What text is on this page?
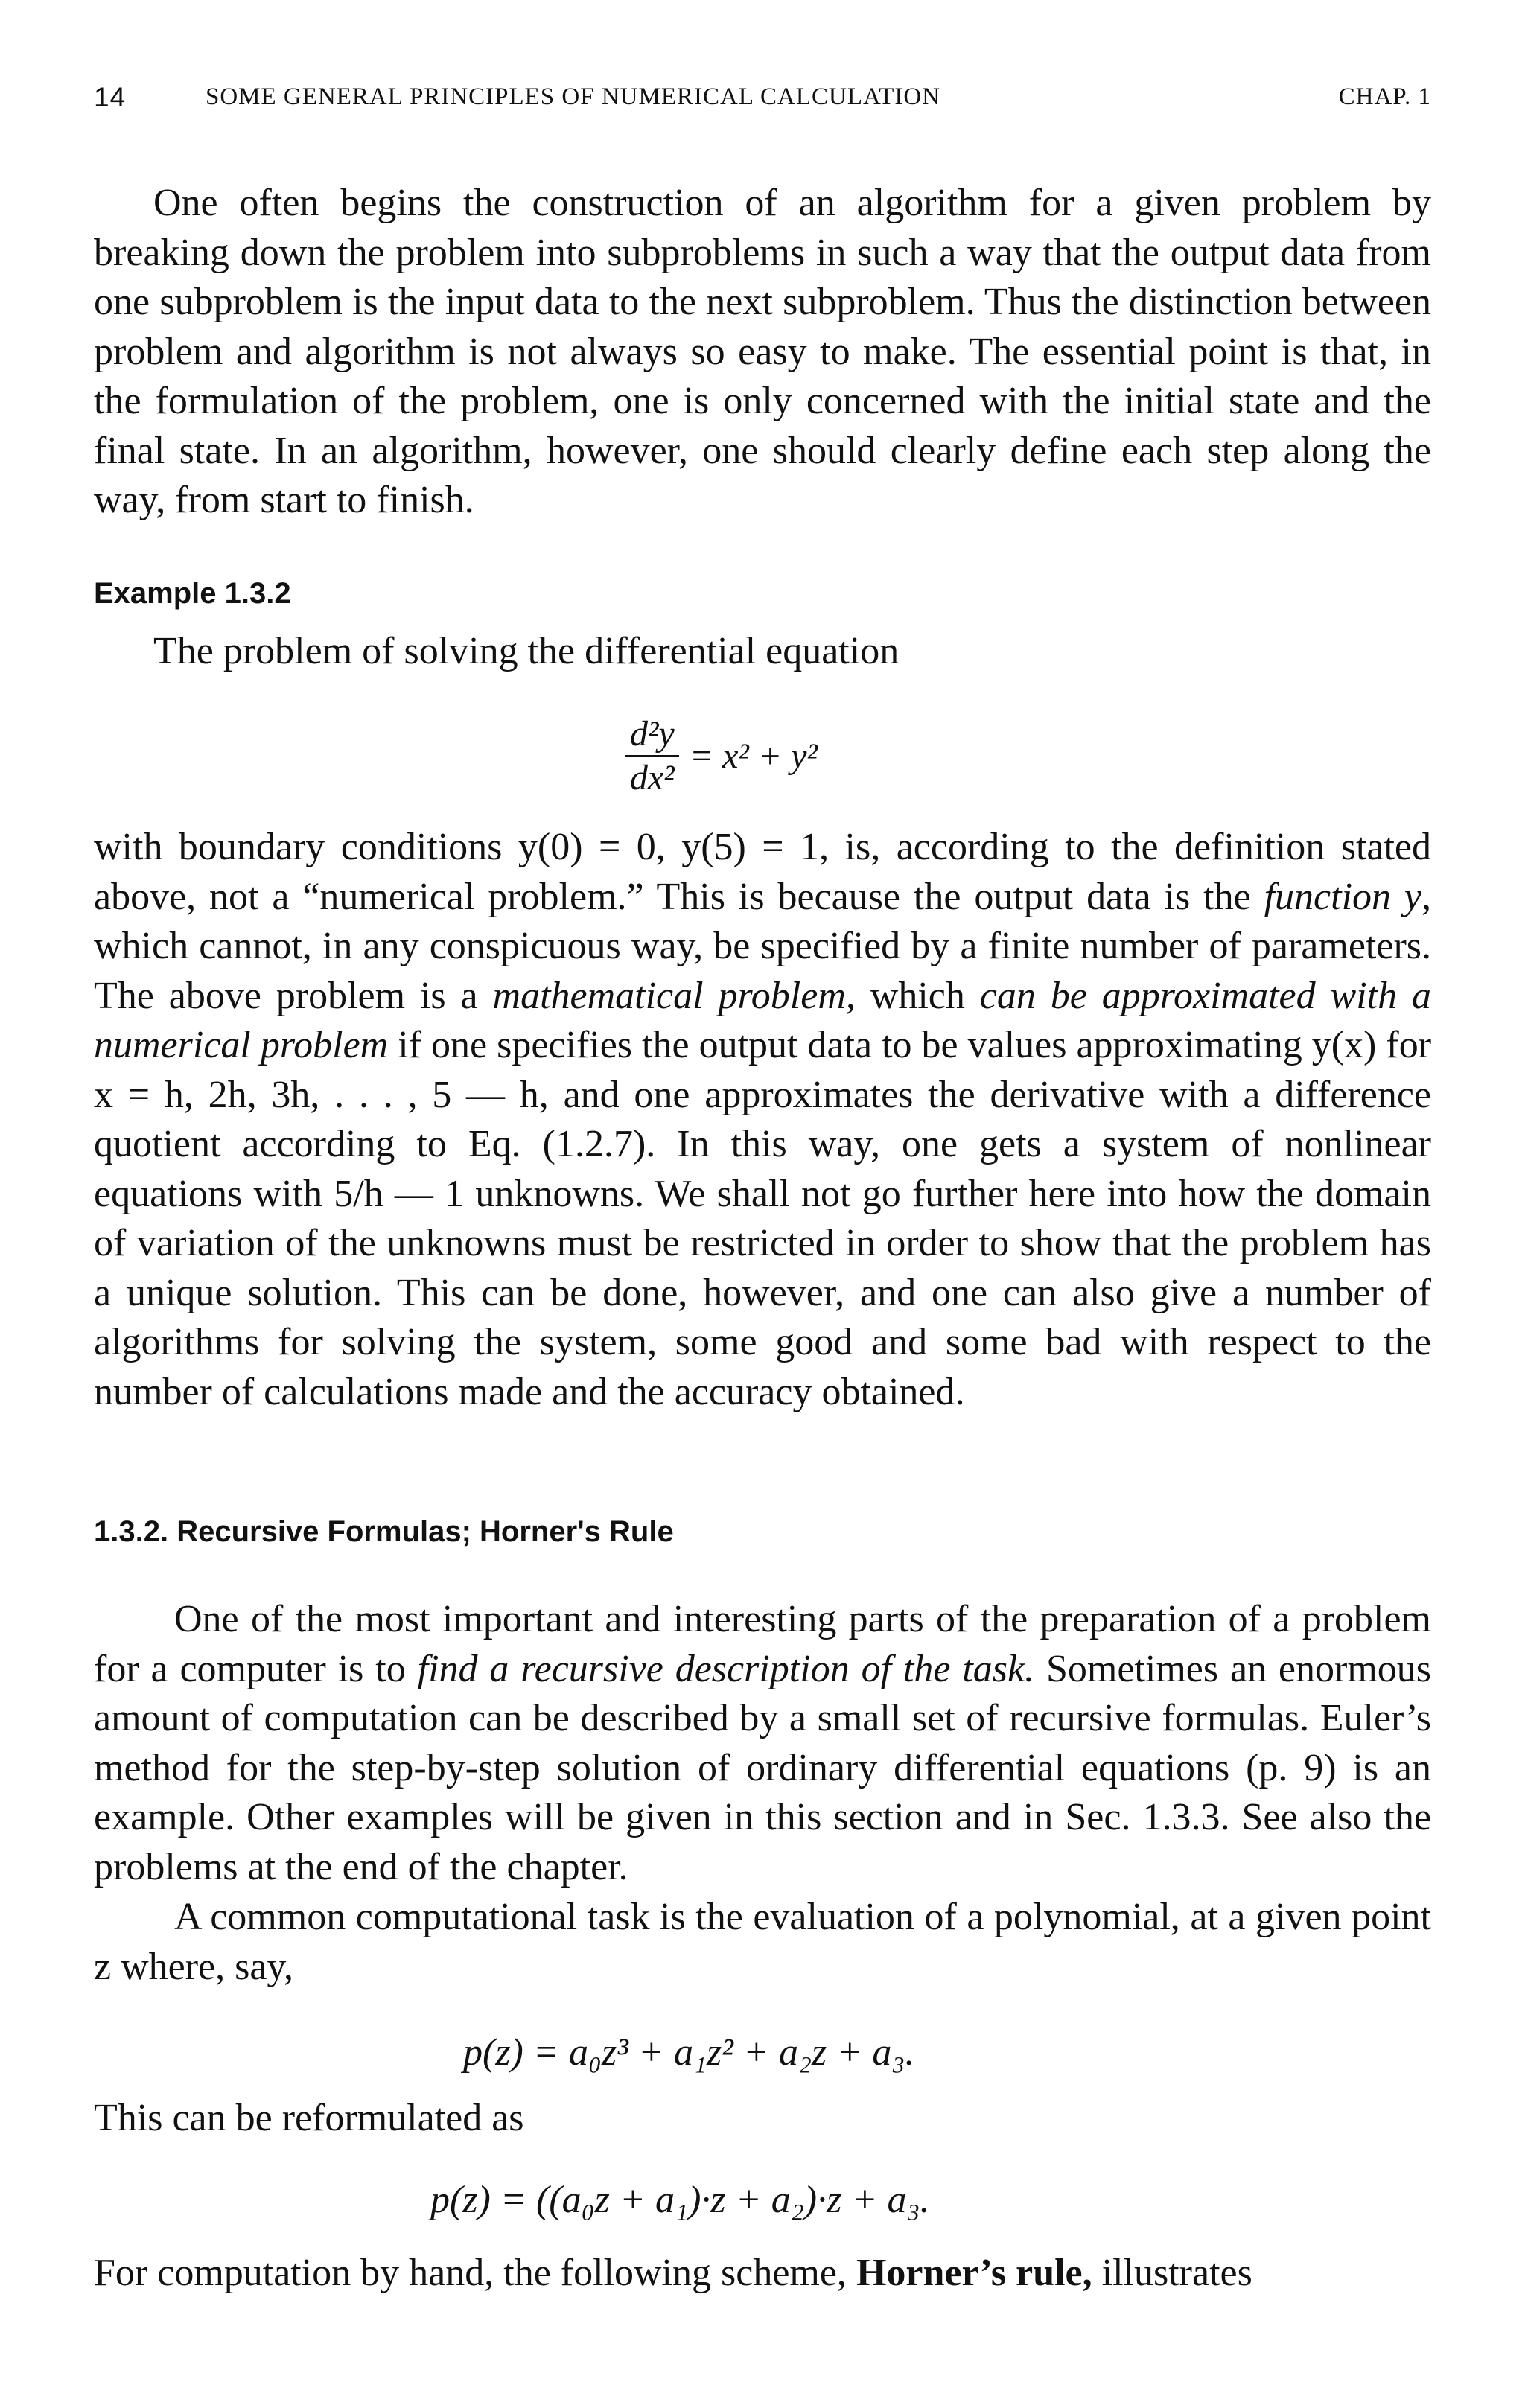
14	SOME GENERAL PRINCIPLES OF NUMERICAL CALCULATION	CHAP. 1

One often begins the construction of an algorithm for a given problem by breaking down the problem into subproblems in such a way that the output data from one subproblem is the input data to the next subproblem. Thus the distinction between problem and algorithm is not always so easy to make. The essential point is that, in the formulation of the problem, one is only concerned with the initial state and the final state. In an algorithm, however, one should clearly define each step along the way, from start to finish.

Example 1.3.2
The problem of solving the differential equation
$\frac{\text{d²y}}{\text{dx²}} = x^2 + y^2$

with boundary conditions y(0) = 0, y(5) = 1, is, according to the definition stated above, not a “numerical problem.” This is because the output data is the function y, which cannot, in any conspicuous way, be specified by a finite number of parameters. The above problem is a mathematical problem, which can be approximated with a numerical problem if one specifies the output data to be values approximating y(x) for x = h, 2h, 3h, . . . , 5 — h, and one approximates the derivative with a difference quotient according to Eq. (1.2.7). In this way, one gets a system of nonlinear equations with 5/h — 1 unknowns. We shall not go further here into how the domain of variation of the unknowns must be restricted in order to show that the problem has a unique solution. This can be done, however, and one can also give a number of algorithms for solving the system, some good and some bad with respect to the number of calculations made and the accuracy obtained.

1.3.2. Recursive Formulas; Horner's Rule

One of the most important and interesting parts of the preparation of a problem for a computer is to find a recursive description of the task. Sometimes an enormous amount of computation can be described by a small set of recursive formulas. Euler’s method for the step-by-step solution of ordinary differential equations (p. 9) is an example. Other examples will be given in this section and in Sec. 1.3.3. See also the problems at the end of the chapter.

A common computational task is the evaluation of a polynomial, at a given point z where, say,

p(z) = a₀z³ + a₁z² + a₂z + a₃.
This can be reformulated as
p(z) = ((a₀z + a₁)·z + a₂)·z + a₃.

For computation by hand, the following scheme, Horner’s rule, illustrates
